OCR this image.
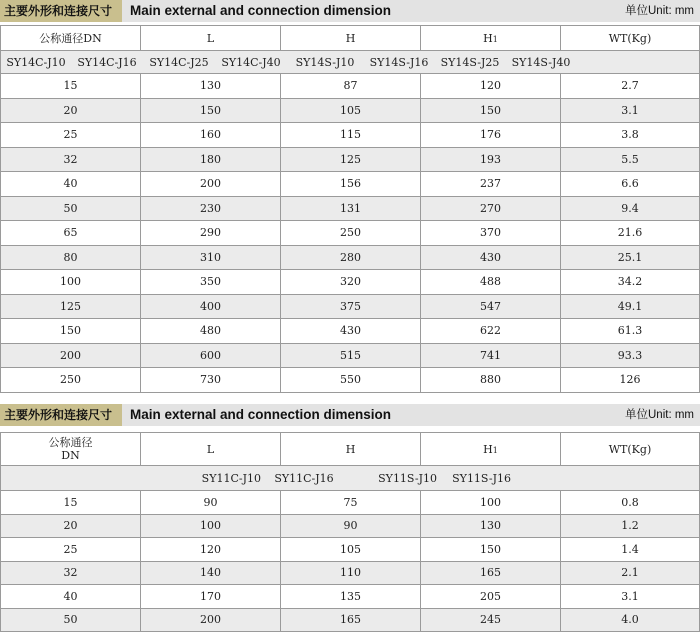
主要外形和连接尺寸	Main external and connection dimension	单位Unit: mm
公称通径DN	L	H	H1	WT(Kg)
SY14C-J10 SY14C-J16 SY14C-J25 SY14C-J40 SY14S-J10 SY14S-J16 SY14S-J25 SY14S-J40				
15	130	87	120	2.7
20	150	105	150	3.1
25	160	115	176	3.8
32	180	125	193	5.5
40	200	156	237	6.6
50	230	131	270	9.4
65	290	250	370	21.6
80	310	280	430	25.1
100	350	320	488	34.2
125	400	375	547	49.1
150	480	430	622	61.3
200	600	515	741	93.3
250	730	550	880	126
主要外形和连接尺寸	Main external and connection dimension	单位Unit: mm
公称通径
DN	L	H	H1	WT(Kg)
SY11C-J10 SY11C-J16 SY11S-J10 SY11S-J16				
15	90	75	100	0.8
20	100	90	130	1.2
25	120	105	150	1.4
32	140	110	165	2.1
40	170	135	205	3.1
50	200	165	245	4.0
